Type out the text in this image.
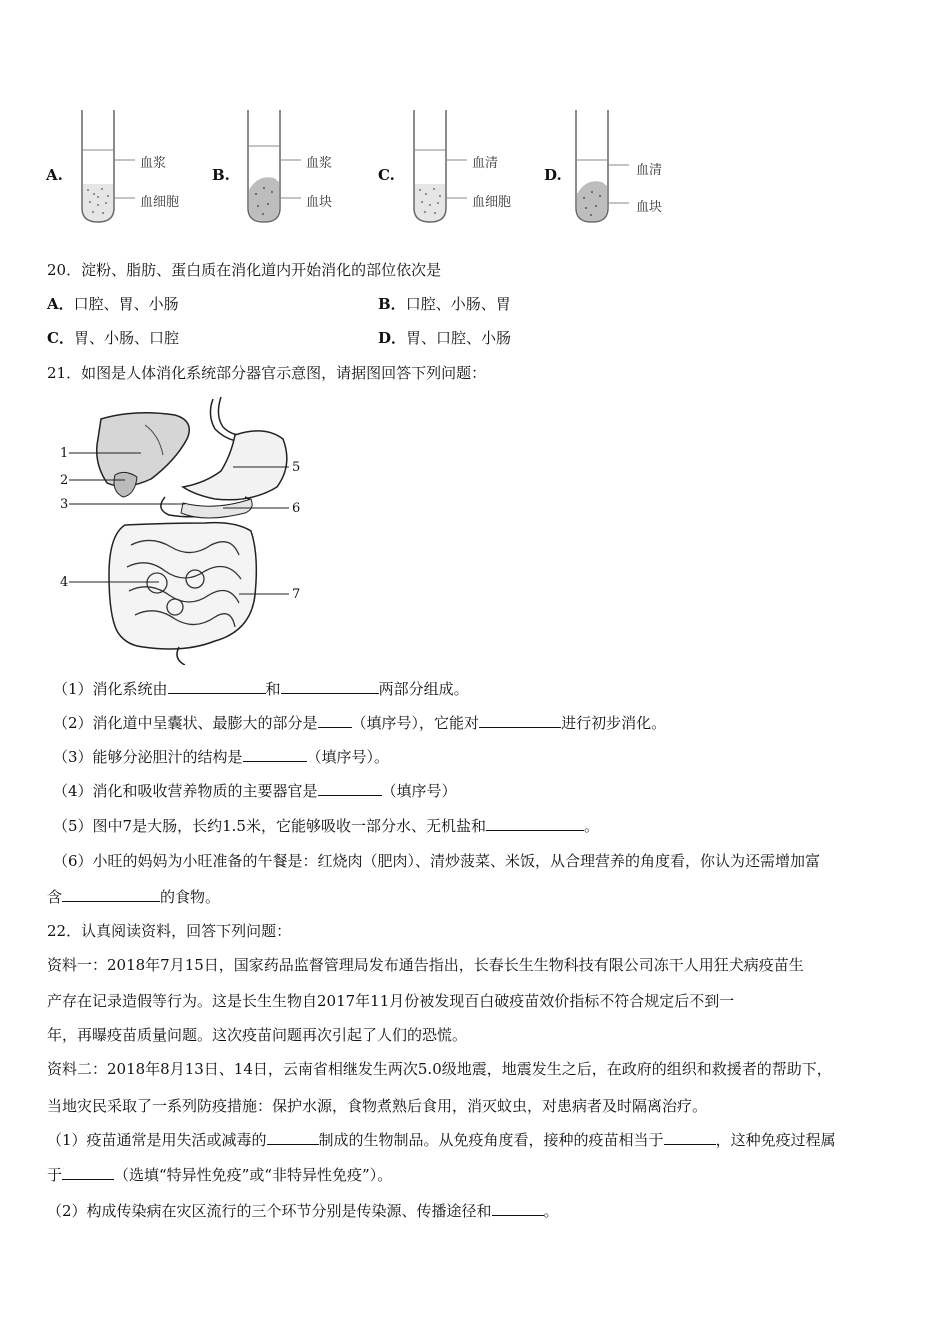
A.
血浆
血细胞
B.
血浆
血块
C.
血清
血细胞
D.	血清
血块
20．淀粉、脂肪、蛋白质在消化道内开始消化的部位依次是
A．口腔、胃、小肠	B．口腔、小肠、胃
C．胃、小肠、口腔	D．胃、口腔、小肠
21．如图是人体消化系统部分器官示意图，请据图回答下列问题：
1
2
3
4
5
6
7
（1）消化系统由	和	两部分组成。
（2）消化道中呈囊状、最膨大的部分是 （填序号），它能对	进行初步消化。
（3）能够分泌胆汁的结构是	（填序号）。
（4）消化和吸收营养物质的主要器官是	（填序号）
（5）图中7是大肠，长约1.5米，它能够吸收一部分水、无机盐和	。
（6）小旺的妈妈为小旺准备的午餐是：红烧肉（肥肉）、清炒菠菜、米饭，从合理营养的角度看，你认为还需增加富
含	的食物。
22．认真阅读资料，回答下列问题：
资料一：2018年7月15日，国家药品监督管理局发布通告指出，长春长生生物科技有限公司冻干人用狂犬病疫苗生
产存在记录造假等行为。这是长生生物自2017年11月份被发现百白破疫苗效价指标不符合规定后不到一
年，再曝疫苗质量问题。这次疫苗问题再次引起了人们的恐慌。
资料二：2018年8月13日、14日，云南省相继发生两次5.0级地震，地震发生之后，在政府的组织和救援者的帮助下，
当地灾民采取了一系列防疫措施：保护水源，食物煮熟后食用，消灭蚊虫，对患病者及时隔离治疗。
（1）疫苗通常是用失活或减毒的	制成的生物制品。从免疫角度看，接种的疫苗相当于	，这种免疫过程属
于	（选填“特异性免疫”或“非特异性免疫”）。
（2）构成传染病在灾区流行的三个环节分别是传染源、传播途径和	。
